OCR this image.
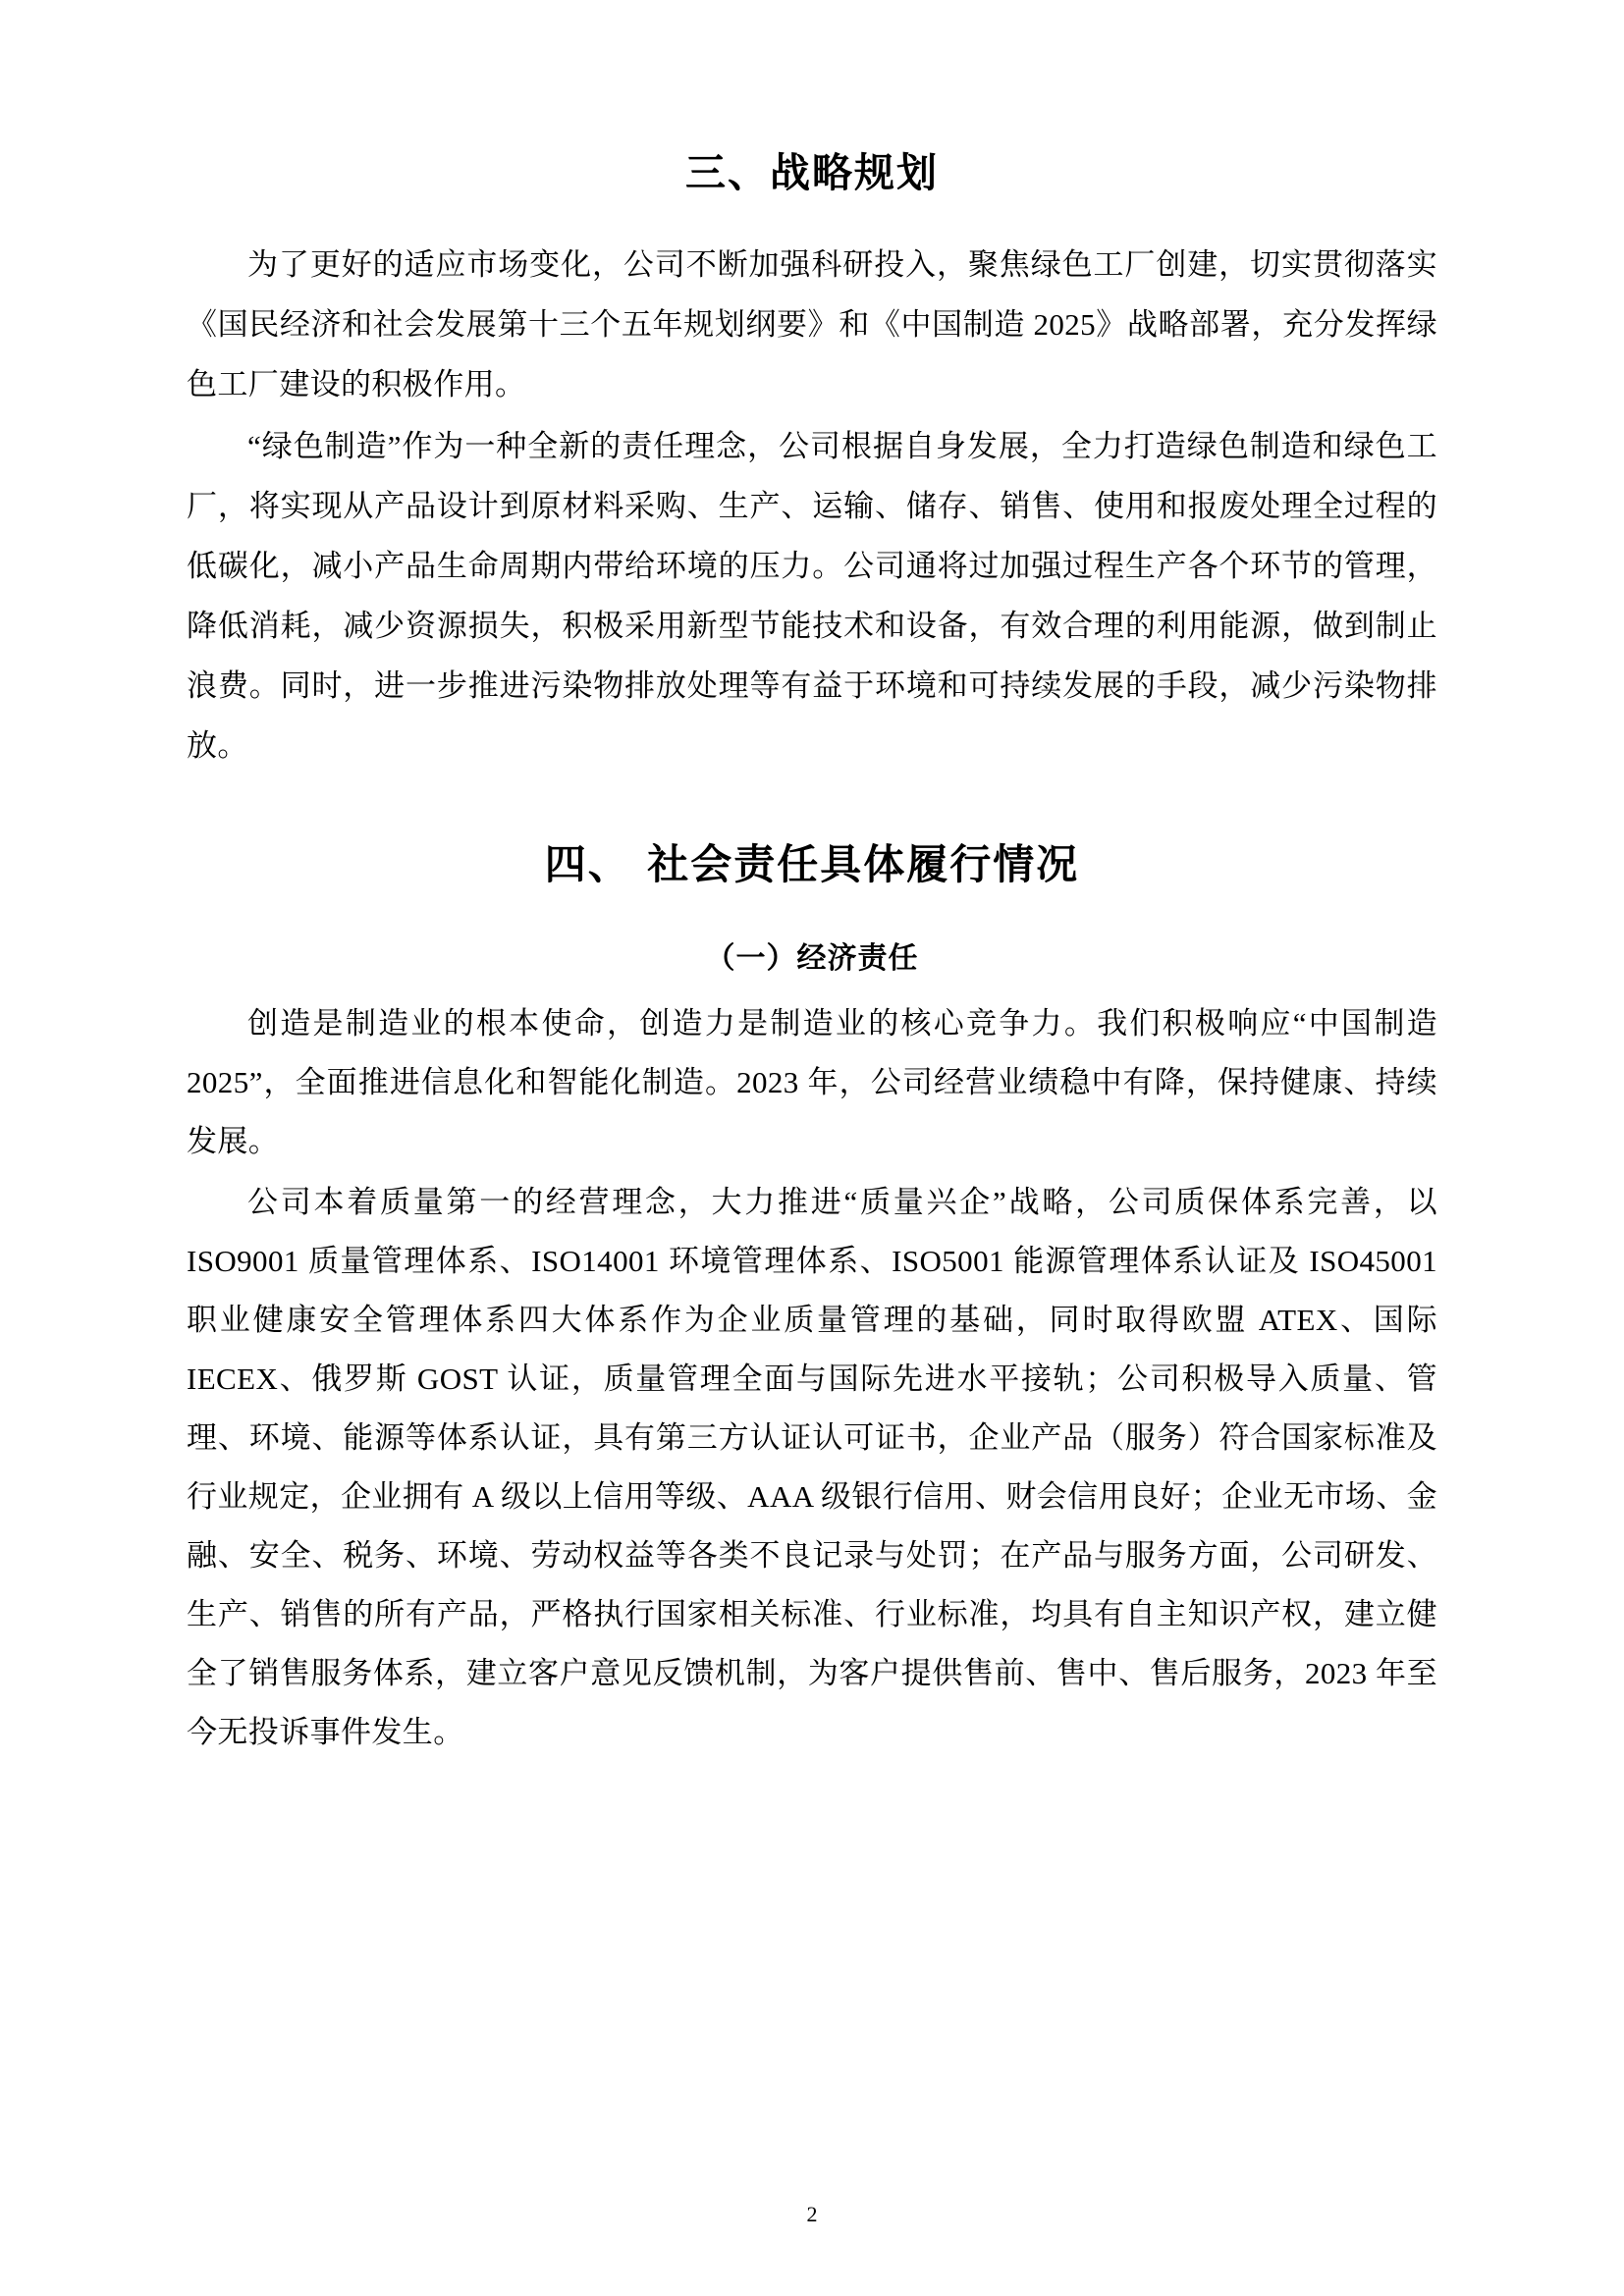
三、战略规划

为了更好的适应市场变化，公司不断加强科研投入，聚焦绿色工厂创建，切实贯彻落实《国民经济和社会发展第十三个五年规划纲要》和《中国制造 2025》战略部署，充分发挥绿色工厂建设的积极作用。

“绿色制造”作为一种全新的责任理念，公司根据自身发展，全力打造绿色制造和绿色工厂，将实现从产品设计到原材料采购、生产、运输、储存、销售、使用和报废处理全过程的低碳化，减小产品生命周期内带给环境的压力。公司通将过加强过程生产各个环节的管理，降低消耗，减少资源损失，积极采用新型节能技术和设备，有效合理的利用能源，做到制止浪费。同时，进一步推进污染物排放处理等有益于环境和可持续发展的手段，减少污染物排放。

四、 社会责任具体履行情况
（一）经济责任

创造是制造业的根本使命，创造力是制造业的核心竞争力。我们积极响应“中国制造 2025”，全面推进信息化和智能化制造。2023 年，公司经营业绩稳中有降，保持健康、持续发展。

公司本着质量第一的经营理念，大力推进“质量兴企”战略，公司质保体系完善，以 ISO9001 质量管理体系、ISO14001 环境管理体系、ISO5001 能源管理体系认证及 ISO45001 职业健康安全管理体系四大体系作为企业质量管理的基础，同时取得欧盟 ATEX、国际 IECEX、俄罗斯 GOST 认证，质量管理全面与国际先进水平接轨；公司积极导入质量、管理、环境、能源等体系认证，具有第三方认证认可证书，企业产品（服务）符合国家标准及行业规定，企业拥有 A 级以上信用等级、AAA 级银行信用、财会信用良好；企业无市场、金融、安全、税务、环境、劳动权益等各类不良记录与处罚；在产品与服务方面，公司研发、生产、销售的所有产品，严格执行国家相关标准、行业标准，均具有自主知识产权，建立健全了销售服务体系，建立客户意见反馈机制，为客户提供售前、售中、售后服务，2023 年至今无投诉事件发生。

2
